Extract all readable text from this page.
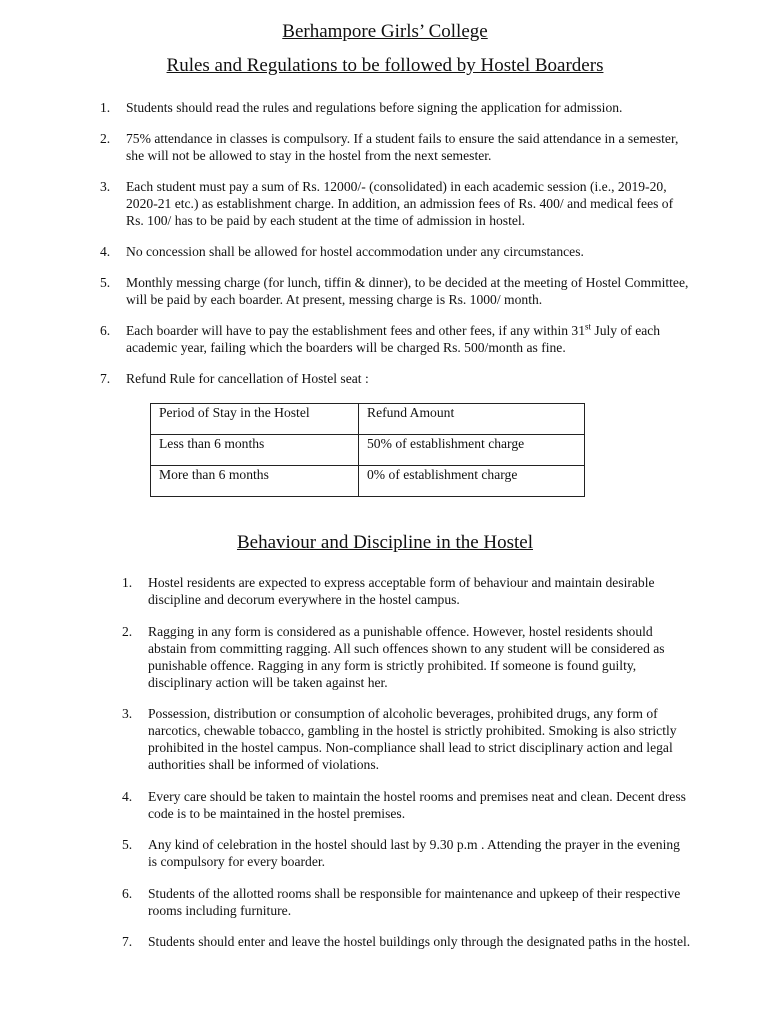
Berhampore Girls’ College
Rules and Regulations to be followed by Hostel Boarders
1. Students should read the rules and regulations before signing the application for admission.
2. 75% attendance in classes is compulsory. If a student fails to ensure the said attendance in a semester, she will not be allowed to stay in the hostel from the next semester.
3. Each student must pay a sum of Rs. 12000/- (consolidated) in each academic session (i.e., 2019-20, 2020-21 etc.) as establishment charge. In addition, an admission fees of Rs. 400/ and medical fees of Rs. 100/ has to be paid by each student at the time of admission in hostel.
4. No concession shall be allowed for hostel accommodation under any circumstances.
5. Monthly messing charge (for lunch, tiffin & dinner), to be decided at the meeting of Hostel Committee, will be paid by each boarder. At present, messing charge is Rs. 1000/ month.
6. Each boarder will have to pay the establishment fees and other fees, if any within 31st July of each academic year, failing which the boarders will be charged Rs. 500/month as fine.
7. Refund Rule for cancellation of Hostel seat :
Period of Stay in the Hostel	Refund Amount
Less than 6 months	50% of establishment charge
More than 6 months	0% of establishment charge
Behaviour and Discipline in the Hostel
1. Hostel residents are expected to express acceptable form of behaviour and maintain desirable discipline and decorum everywhere in the hostel campus.
2. Ragging in any form is considered as a punishable offence. However, hostel residents should abstain from committing ragging. All such offences shown to any student will be considered as punishable offence. Ragging in any form is strictly prohibited. If someone is found guilty, disciplinary action will be taken against her.
3. Possession, distribution or consumption of alcoholic beverages, prohibited drugs, any form of narcotics, chewable tobacco, gambling in the hostel is strictly prohibited. Smoking is also strictly prohibited in the hostel campus. Non-compliance shall lead to strict disciplinary action and legal authorities shall be informed of violations.
4. Every care should be taken to maintain the hostel rooms and premises neat and clean. Decent dress code is to be maintained in the hostel premises.
5. Any kind of celebration in the hostel should last by 9.30 p.m . Attending the prayer in the evening is compulsory for every boarder.
6. Students of the allotted rooms shall be responsible for maintenance and upkeep of their respective rooms including furniture.
7. Students should enter and leave the hostel buildings only through the designated paths in the hostel.
